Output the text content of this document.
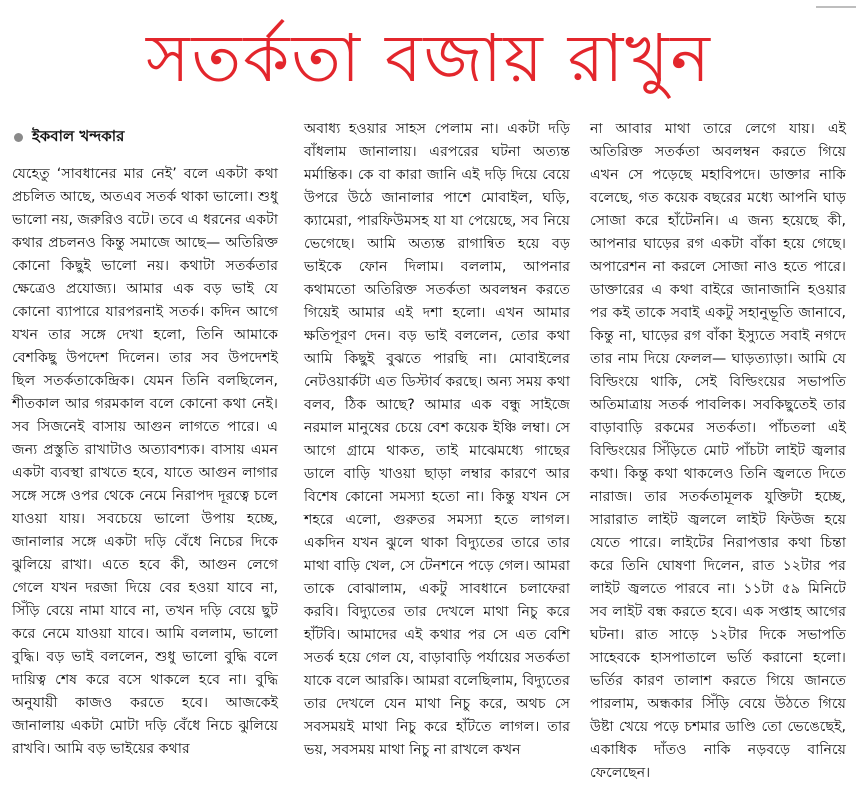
সতর্কতা বজায় রাখুন
ইকবাল খন্দকার

যেহেতু ‘সাবধানের মার নেই’ বলে একটা কথা প্রচলিত আছে, অতএব সতর্ক থাকা ভালো। শুধু ভালো নয়, জরুরিও বটে। তবে এ ধরনের একটা কথার প্রচলনও কিন্তু সমাজে আছে— অতিরিক্ত কোনো কিছুই ভালো নয়। কথাটা সতর্কতার ক্ষেত্রেও প্রযোজ্য। আমার এক বড় ভাই যে কোনো ব্যাপারে যারপরনাই সতর্ক। কদিন আগে যখন তার সঙ্গে দেখা হলো, তিনি আমাকে বেশকিছু উপদেশ দিলেন। তার সব উপদেশই ছিল সতর্কতাকেন্দ্রিক। যেমন তিনি বলছিলেন, শীতকাল আর গরমকাল বলে কোনো কথা নেই। সব সিজনেই বাসায় আগুন লাগতে পারে। এ জন্য প্রস্তুতি রাখাটাও অত্যাবশ্যক। বাসায় এমন একটা ব্যবস্থা রাখতে হবে, যাতে আগুন লাগার সঙ্গে সঙ্গে ওপর থেকে নেমে নিরাপদ দূরত্বে চলে যাওয়া যায়। সবচেয়ে ভালো উপায় হচ্ছে, জানালার সঙ্গে একটা দড়ি বেঁধে নিচের দিকে ঝুলিয়ে রাখা। এতে হবে কী, আগুন লেগে গেলে যখন দরজা দিয়ে বের হওয়া যাবে না, সিঁড়ি বেয়ে নামা যাবে না, তখন দড়ি বেয়ে ছুট করে নেমে যাওয়া যাবে। আমি বললাম, ভালো বুদ্ধি। বড় ভাই বললেন, শুধু ভালো বুদ্ধি বলে দায়িত্ব শেষ করে বসে থাকলে হবে না। বুদ্ধি অনুযায়ী কাজও করতে হবে। আজকেই জানালায় একটা মোটা দড়ি বেঁধে নিচে ঝুলিয়ে রাখবি। আমি বড় ভাইয়ের কথার

অবাধ্য হওয়ার সাহস পেলাম না। একটা দড়ি বাঁধলাম জানালায়। এরপরের ঘটনা অত্যন্ত মর্মান্তিক। কে বা কারা জানি এই দড়ি দিয়ে বেয়ে উপরে উঠে জানালার পাশে মোবাইল, ঘড়ি, ক্যামেরা, পারফিউমসহ যা যা পেয়েছে, সব নিয়ে ভেগেছে। আমি অত্যন্ত রাগান্বিত হয়ে বড় ভাইকে ফোন দিলাম। বললাম, আপনার কথামতো অতিরিক্ত সতর্কতা অবলম্বন করতে গিয়েই আমার এই দশা হলো। এখন আমার ক্ষতিপূরণ দেন। বড় ভাই বললেন, তোর কথা আমি কিছুই বুঝতে পারছি না। মোবাইলের নেটওয়ার্কটা এত ডিস্টার্ব করছে। অন্য সময় কথা বলব, ঠিক আছে? আমার এক বন্ধু সাইজে নরমাল মানুষের চেয়ে বেশ কয়েক ইঞ্চি লম্বা। সে আগে গ্রামে থাকত, তাই মাঝেমধ্যে গাছের ডালে বাড়ি খাওয়া ছাড়া লম্বার কারণে আর বিশেষ কোনো সমস্যা হতো না। কিন্তু যখন সে শহরে এলো, গুরুতর সমস্যা হতে লাগল। একদিন যখন ঝুলে থাকা বিদ্যুতের তারে তার মাথা বাড়ি খেল, সে টেনশনে পড়ে গেল। আমরা তাকে বোঝালাম, একটু সাবধানে চলাফেরা করবি। বিদ্যুতের তার দেখলে মাথা নিচু করে হাঁটবি। আমাদের এই কথার পর সে এত বেশি সতর্ক হয়ে গেল যে, বাড়াবাড়ি পর্যায়ের সতর্কতা যাকে বলে আরকি। আমরা বলেছিলাম, বিদ্যুতের তার দেখলে যেন মাথা নিচু করে, অথচ সে সবসময়ই মাথা নিচু করে হাঁটতে লাগল। তার ভয়, সবসময় মাথা নিচু না রাখলে কখন

না আবার মাথা তারে লেগে যায়। এই অতিরিক্ত সতর্কতা অবলম্বন করতে গিয়ে এখন সে পড়েছে মহাবিপদে। ডাক্তার নাকি বলেছে, গত কয়েক বছরের মধ্যে আপনি ঘাড় সোজা করে হাঁটেননি। এ জন্য হয়েছে কী, আপনার ঘাড়ের রগ একটা বাঁকা হয়ে গেছে। অপারেশন না করলে সোজা নাও হতে পারে। ডাক্তারের এ কথা বাইরে জানাজানি হওয়ার পর কই তাকে সবাই একটু সহানুভূতি জানাবে, কিন্তু না, ঘাড়ের রগ বাঁকা ইস্যুতে সবাই নগদে তার নাম দিয়ে ফেলল— ঘাড়ত্যাড়া। আমি যে বিল্ডিংয়ে থাকি, সেই বিল্ডিংয়ের সভাপতি অতিমাত্রায় সতর্ক পাবলিক। সবকিছুতেই তার বাড়াবাড়ি রকমের সতর্কতা। পাঁচতলা এই বিল্ডিংয়ের সিঁড়িতে মোট পাঁচটা লাইট জ্বলার কথা। কিন্তু কথা থাকলেও তিনি জ্বলতে দিতে নারাজ। তার সতর্কতামূলক যুক্তিটা হচ্ছে, সারারাত লাইট জ্বললে লাইট ফিউজ হয়ে যেতে পারে। লাইটের নিরাপত্তার কথা চিন্তা করে তিনি ঘোষণা দিলেন, রাত ১২টার পর লাইট জ্বলতে পারবে না। ১১টা ৫৯ মিনিটে সব লাইট বন্ধ করতে হবে। এক সপ্তাহ আগের ঘটনা। রাত সাড়ে ১২টার দিকে সভাপতি সাহেবকে হাসপাতালে ভর্তি করানো হলো। ভর্তির কারণ তালাশ করতে গিয়ে জানতে পারলাম, অন্ধকার সিঁড়ি বেয়ে উঠতে গিয়ে উষ্টা খেয়ে পড়ে চশমার ডাণ্ডি তো ভেঙেছেই, একাধিক দাঁতও নাকি নড়বড়ে বানিয়ে ফেলেছেন।
